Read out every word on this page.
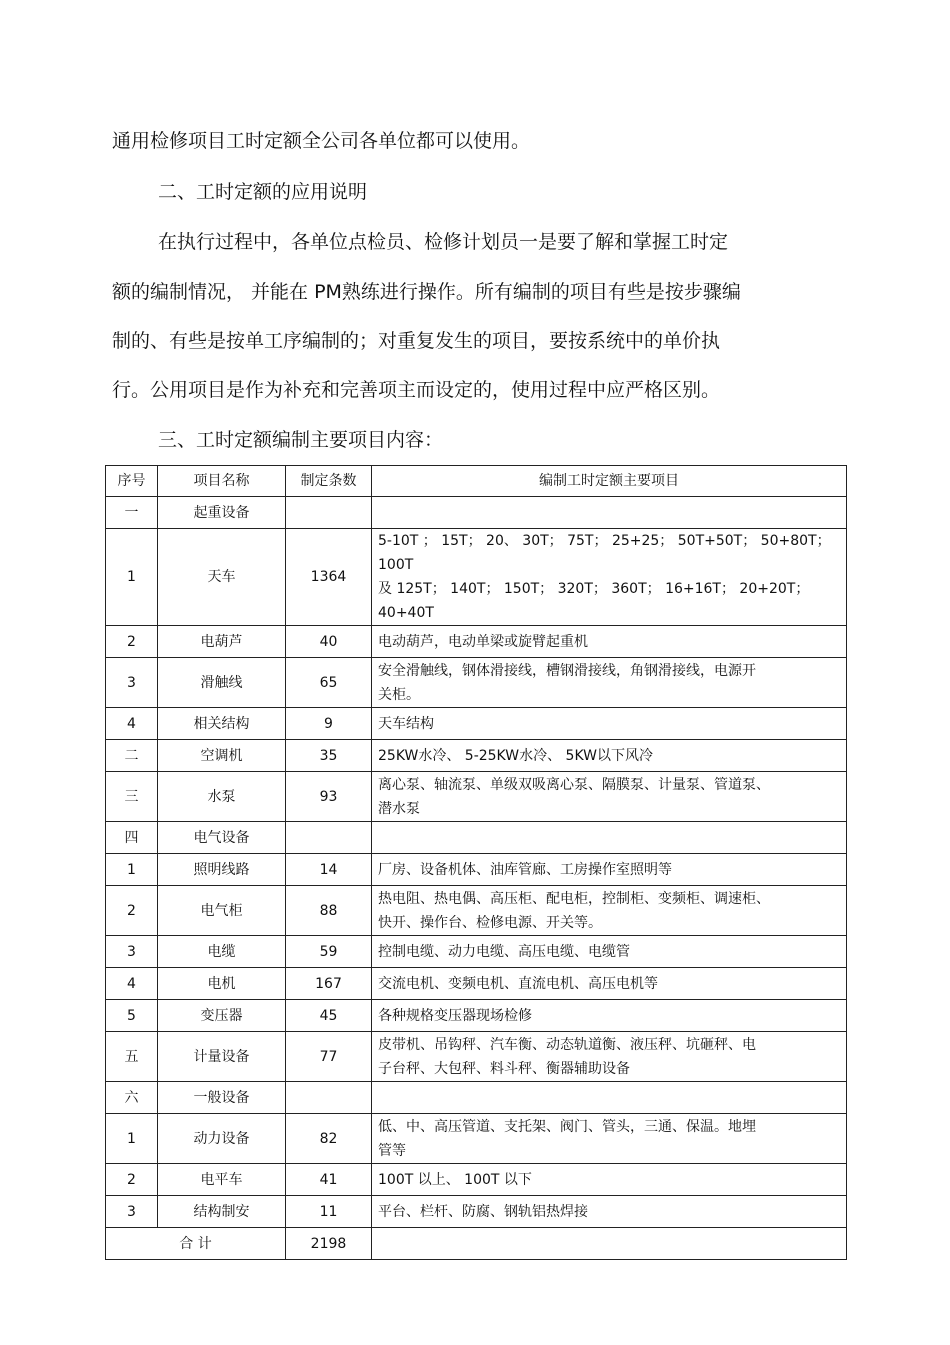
通用检修项目工时定额全公司各单位都可以使用。
二、工时定额的应用说明
在执行过程中，各单位点检员、检修计划员一是要了解和掌握工时定
额的编制情况， 并能在 PM熟练进行操作。所有编制的项目有些是按步骤编
制的、有些是按单工序编制的；对重复发生的项目，要按系统中的单价执
行。公用项目是作为补充和完善项主而设定的，使用过程中应严格区别。
三、工时定额编制主要项目内容：
序号	项目名称	制定条数	编制工时定额主要项目
一	起重设备		
1	天车	1364	5-10T ； 15T； 20、 30T； 75T； 25+25； 50T+50T； 50+80T； 100T
及 125T； 140T； 150T； 320T； 360T； 16+16T； 20+20T； 40+40T
2	电葫芦	40	电动葫芦，电动单梁或旋臂起重机
3	滑触线	65	安全滑触线，钢体滑接线，槽钢滑接线，角钢滑接线，电源开
关柜。
4	相关结构	9	天车结构
二	空调机	35	25KW水冷、 5-25KW水冷、 5KW以下风冷
三	水泵	93	离心泵、轴流泵、单级双吸离心泵、隔膜泵、计量泵、管道泵、
潜水泵
四	电气设备		
1	照明线路	14	厂房、设备机体、油库管廊、工房操作室照明等
2	电气柜	88	热电阻、热电偶、高压柜、配电柜，控制柜、变频柜、调速柜、
快开、操作台、检修电源、开关等。
3	电缆	59	控制电缆、动力电缆、高压电缆、电缆管
4	电机	167	交流电机、变频电机、直流电机、高压电机等
5	变压器	45	各种规格变压器现场检修
五	计量设备	77	皮带机、吊钩秤、汽车衡、动态轨道衡、液压秤、坑砸秤、电
子台秤、大包秤、料斗秤、衡器辅助设备
六	一般设备		
1	动力设备	82	低、中、高压管道、支托架、阀门、管头，三通、保温。地埋
管等
2	电平车	41	100T 以上、 100T 以下
3	结构制安	11	平台、栏杆、防腐、钢轨铝热焊接
合 计		2198	
